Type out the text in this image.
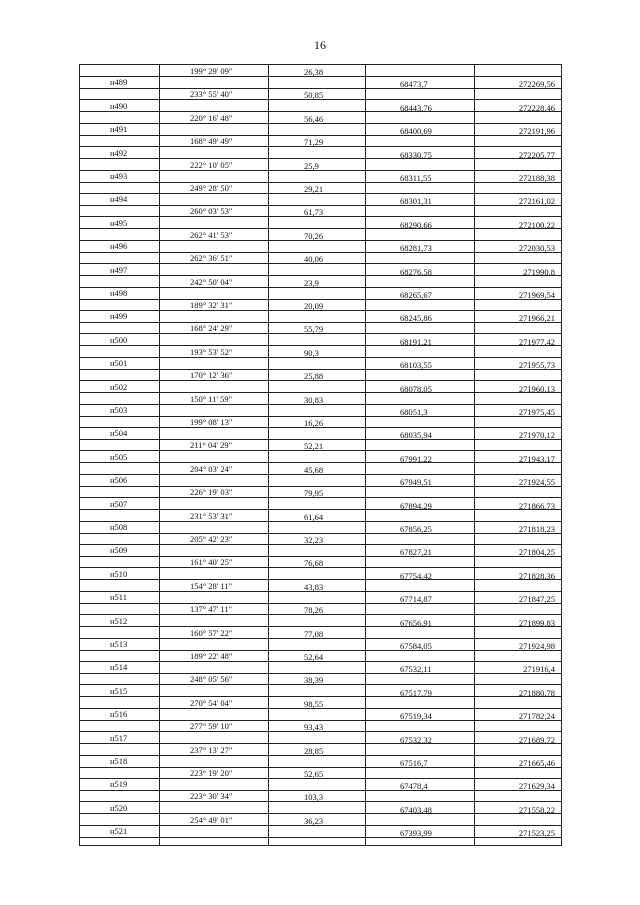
16
199° 29' 09"	26,38
н489	68473,7	272269,56
233° 55' 40"	50,85
н490	68443,76	272228,46
220° 16' 48"	56,46
н491	68400,69	272191,96
168° 49' 49"	71,29
н492	68330,75	272205,77
222° 10' 05"	25,9
н493	68311,55	272188,38
249° 28' 50"	29,21
н494	68301,31	272161,02
260° 03' 53"	61,73
н495	68290,66	272100,22
262° 41' 53"	70,26
н496	68281,73	272030,53
262° 36' 51"	40,06
н497	68276,58	271990,8
242° 50' 04"	23,9
н498	68265,67	271969,54
189° 32' 31"	20,09
н499	68245,86	271966,21
168° 24' 29"	55,79
н500	68191,21	271977,42
193° 53' 52"	90,3
н501	68103,55	271955,73
170° 12' 36"	25,88
н502	68078,05	271960,13
150° 11' 59"	30,83
н503	68051,3	271975,45
199° 08' 13"	16,26
н504	68035,94	271970,12
211° 04' 29"	52,21
н505	67991,22	271943,17
204° 03' 24"	45,68
н506	67949,51	271924,55
226° 19' 03"	79,95
н507	67894,29	271866,73
231° 53' 31"	61,64
н508	67856,25	271818,23
205° 42' 23"	32,23
н509	67827,21	271804,25
161° 40' 25"	76,68
н510	67754,42	271828,36
154° 28' 11"	43,83
н511	67714,87	271847,25
137° 47' 11"	78,26
н512	67656,91	271899,83
160° 57' 22"	77,08
н513	67584,05	271924,98
189° 22' 48"	52,64
н514	67532,11	271916,4
248° 05' 56"	38,39
н515	67517,79	271880,78
270° 54' 04"	98,55
н516	67519,34	271782,24
277° 59' 10"	93,43
н517	67532,32	271689,72
237° 13' 27"	28,85
н518	67516,7	271665,46
223° 19' 20"	52,65
н519	67478,4	271629,34
223° 30' 34"	103,3
н520	67403,48	271558,22
254° 49' 01"	36,23
н521	67393,99	271523,25
